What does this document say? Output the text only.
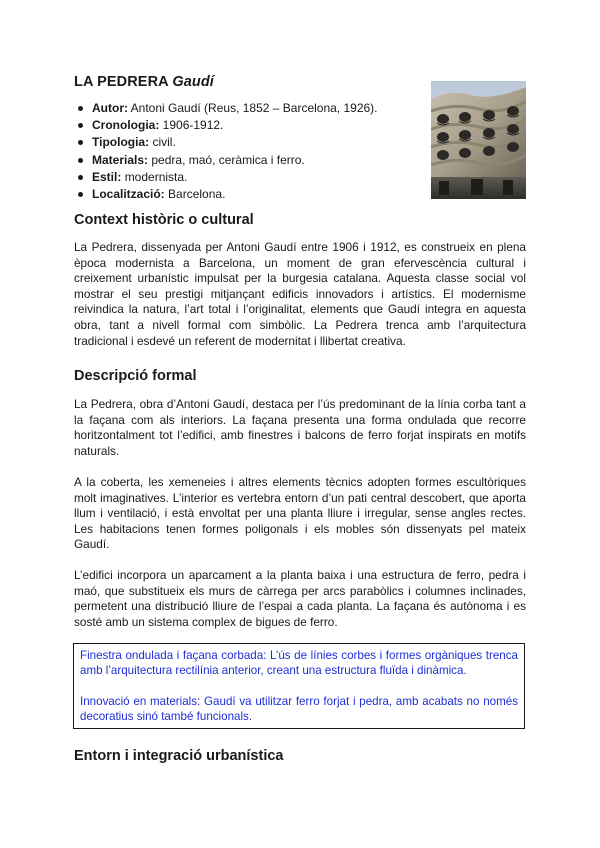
LA PEDRERA Gaudí
Autor: Antoni Gaudí (Reus, 1852 – Barcelona, 1926).
Cronologia: 1906-1912.
Tipologia: civil.
Materials: pedra, maó, ceràmica i ferro.
Estil: modernista.
Localització: Barcelona.
Context històric o cultural

La Pedrera, dissenyada per Antoni Gaudí entre 1906 i 1912, es construeix en plena època modernista a Barcelona, un moment de gran efervescència cultural i creixement urbanístic impulsat per la burgesia catalana. Aquesta classe social vol mostrar el seu prestigi mitjançant edificis innovadors i artístics. El modernisme reivindica la natura, l’art total i l’originalitat, elements que Gaudí integra en aquesta obra, tant a nivell formal com simbòlic. La Pedrera trenca amb l’arquitectura tradicional i esdevé un referent de modernitat i llibertat creativa.

Descripció formal

La Pedrera, obra d’Antoni Gaudí, destaca per l’ús predominant de la línia corba tant a la façana com als interiors. La façana presenta una forma ondulada que recorre horitzontalment tot l’edifici, amb finestres i balcons de ferro forjat inspirats en motifs naturals.

A la coberta, les xemeneies i altres elements tècnics adopten formes escultòriques molt imaginatives. L’interior es vertebra entorn d’un pati central descobert, que aporta llum i ventilació, i està envoltat per una planta lliure i irregular, sense angles rectes. Les habitacions tenen formes poligonals i els mobles són dissenyats pel mateix Gaudí.

L’edifici incorpora un aparcament a la planta baixa i una estructura de ferro, pedra i maó, que substitueix els murs de càrrega per arcs parabòlics i columnes inclinades, permetent una distribució lliure de l’espai a cada planta. La façana és autònoma i es sosté amb un sistema complex de bigues de ferro.

Finestra ondulada i façana corbada: L’ús de línies corbes i formes orgàniques trenca amb l’arquitectura rectilínia anterior, creant una estructura fluïda i dinàmica.

Innovació en materials: Gaudí va utilitzar ferro forjat i pedra, amb acabats no només decoratius sinó també funcionals.

Entorn i integració urbanística
